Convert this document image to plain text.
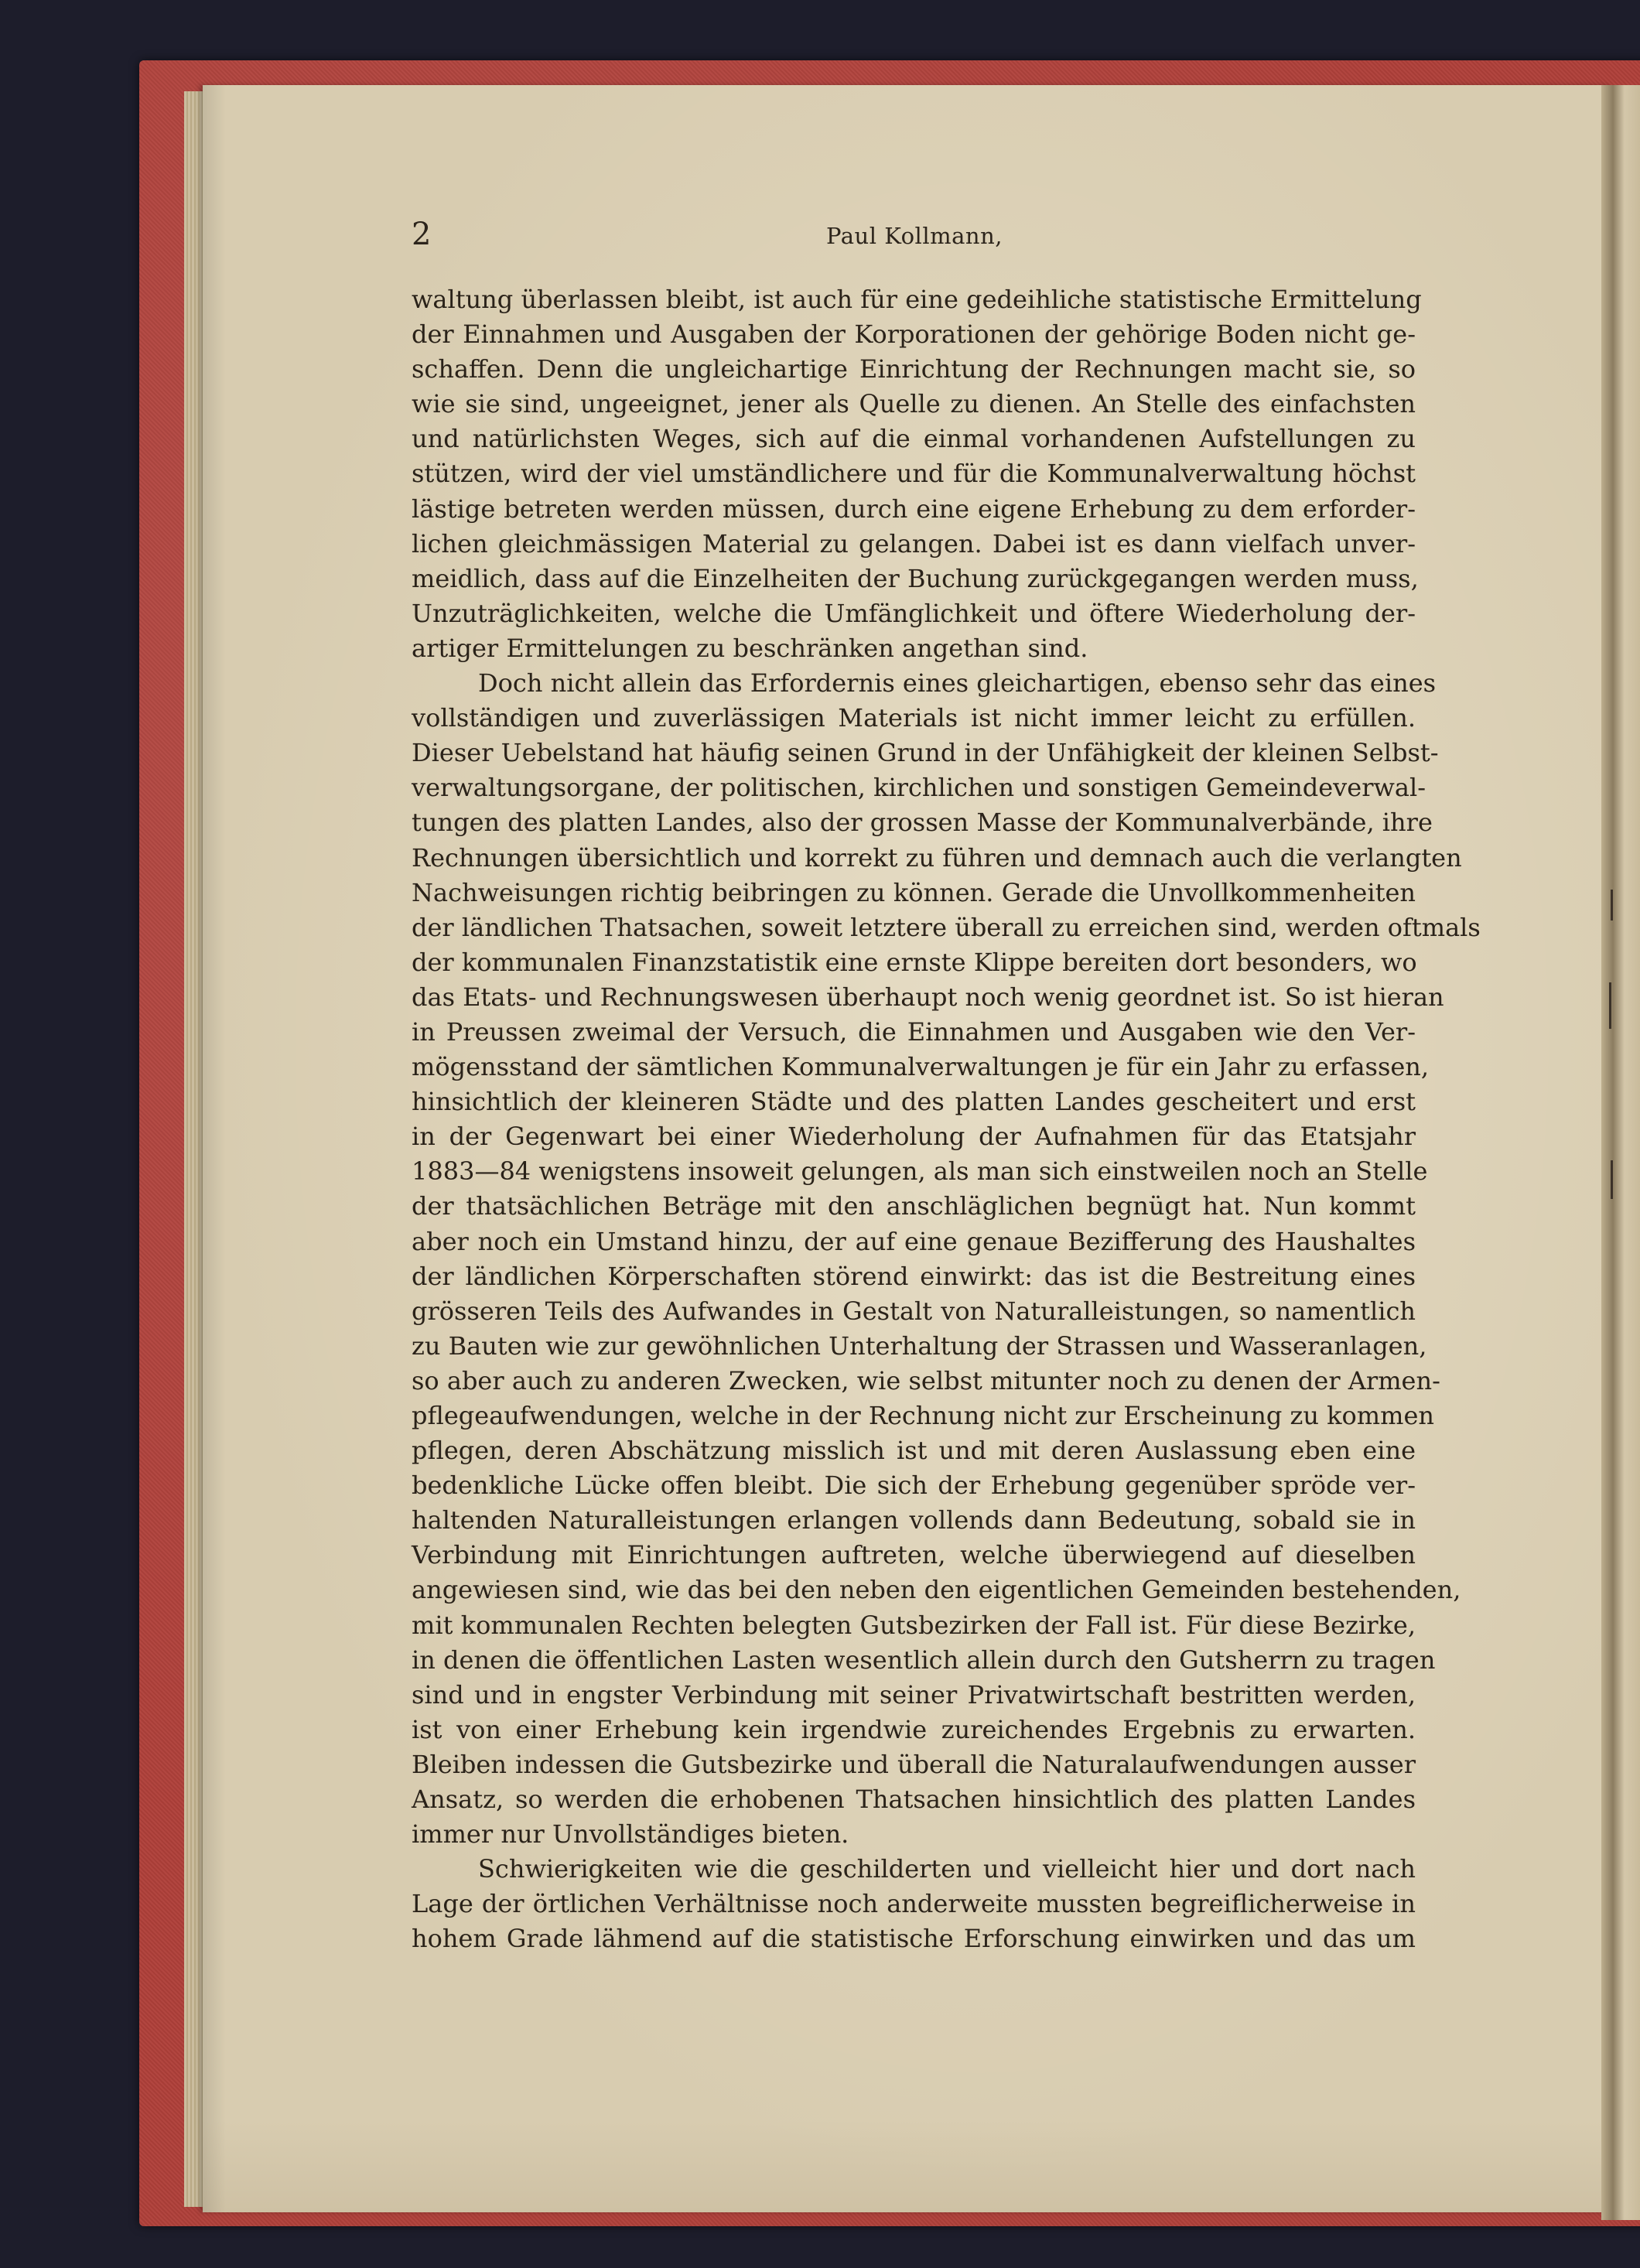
2	Paul Kollmann,
waltung überlassen bleibt, ist auch für eine gedeihliche statistische Ermittelung
der Einnahmen und Ausgaben der Korporationen der gehörige Boden nicht ge-
schaffen. Denn die ungleichartige Einrichtung der Rechnungen macht sie, so
wie sie sind, ungeeignet, jener als Quelle zu dienen. An Stelle des einfachsten
und natürlichsten Weges, sich auf die einmal vorhandenen Aufstellungen zu
stützen, wird der viel umständlichere und für die Kommunalverwaltung höchst
lästige betreten werden müssen, durch eine eigene Erhebung zu dem erforder-
lichen gleichmässigen Material zu gelangen. Dabei ist es dann vielfach unver-
meidlich, dass auf die Einzelheiten der Buchung zurückgegangen werden muss,
Unzuträglichkeiten, welche die Umfänglichkeit und öftere Wiederholung der-
artiger Ermittelungen zu beschränken angethan sind.
Doch nicht allein das Erfordernis eines gleichartigen, ebenso sehr das eines
vollständigen und zuverlässigen Materials ist nicht immer leicht zu erfüllen.
Dieser Uebelstand hat häufig seinen Grund in der Unfähigkeit der kleinen Selbst-
verwaltungsorgane, der politischen, kirchlichen und sonstigen Gemeindeverwal-
tungen des platten Landes, also der grossen Masse der Kommunalverbände, ihre
Rechnungen übersichtlich und korrekt zu führen und demnach auch die verlangten
Nachweisungen richtig beibringen zu können. Gerade die Unvollkommenheiten
der ländlichen Thatsachen, soweit letztere überall zu erreichen sind, werden oftmals
der kommunalen Finanzstatistik eine ernste Klippe bereiten dort besonders, wo
das Etats- und Rechnungswesen überhaupt noch wenig geordnet ist. So ist hieran
in Preussen zweimal der Versuch, die Einnahmen und Ausgaben wie den Ver-
mögensstand der sämtlichen Kommunalverwaltungen je für ein Jahr zu erfassen,
hinsichtlich der kleineren Städte und des platten Landes gescheitert und erst
in der Gegenwart bei einer Wiederholung der Aufnahmen für das Etatsjahr
1883—84 wenigstens insoweit gelungen, als man sich einstweilen noch an Stelle
der thatsächlichen Beträge mit den anschläglichen begnügt hat. Nun kommt
aber noch ein Umstand hinzu, der auf eine genaue Bezifferung des Haushaltes
der ländlichen Körperschaften störend einwirkt: das ist die Bestreitung eines
grösseren Teils des Aufwandes in Gestalt von Naturalleistungen, so namentlich
zu Bauten wie zur gewöhnlichen Unterhaltung der Strassen und Wasseranlagen,
so aber auch zu anderen Zwecken, wie selbst mitunter noch zu denen der Armen-
pflegeaufwendungen, welche in der Rechnung nicht zur Erscheinung zu kommen
pflegen, deren Abschätzung misslich ist und mit deren Auslassung eben eine
bedenkliche Lücke offen bleibt. Die sich der Erhebung gegenüber spröde ver-
haltenden Naturalleistungen erlangen vollends dann Bedeutung, sobald sie in
Verbindung mit Einrichtungen auftreten, welche überwiegend auf dieselben
angewiesen sind, wie das bei den neben den eigentlichen Gemeinden bestehenden,
mit kommunalen Rechten belegten Gutsbezirken der Fall ist. Für diese Bezirke,
in denen die öffentlichen Lasten wesentlich allein durch den Gutsherrn zu tragen
sind und in engster Verbindung mit seiner Privatwirtschaft bestritten werden,
ist von einer Erhebung kein irgendwie zureichendes Ergebnis zu erwarten.
Bleiben indessen die Gutsbezirke und überall die Naturalaufwendungen ausser
Ansatz, so werden die erhobenen Thatsachen hinsichtlich des platten Landes
immer nur Unvollständiges bieten.
Schwierigkeiten wie die geschilderten und vielleicht hier und dort nach
Lage der örtlichen Verhältnisse noch anderweite mussten begreiflicherweise in
hohem Grade lähmend auf die statistische Erforschung einwirken und das um
